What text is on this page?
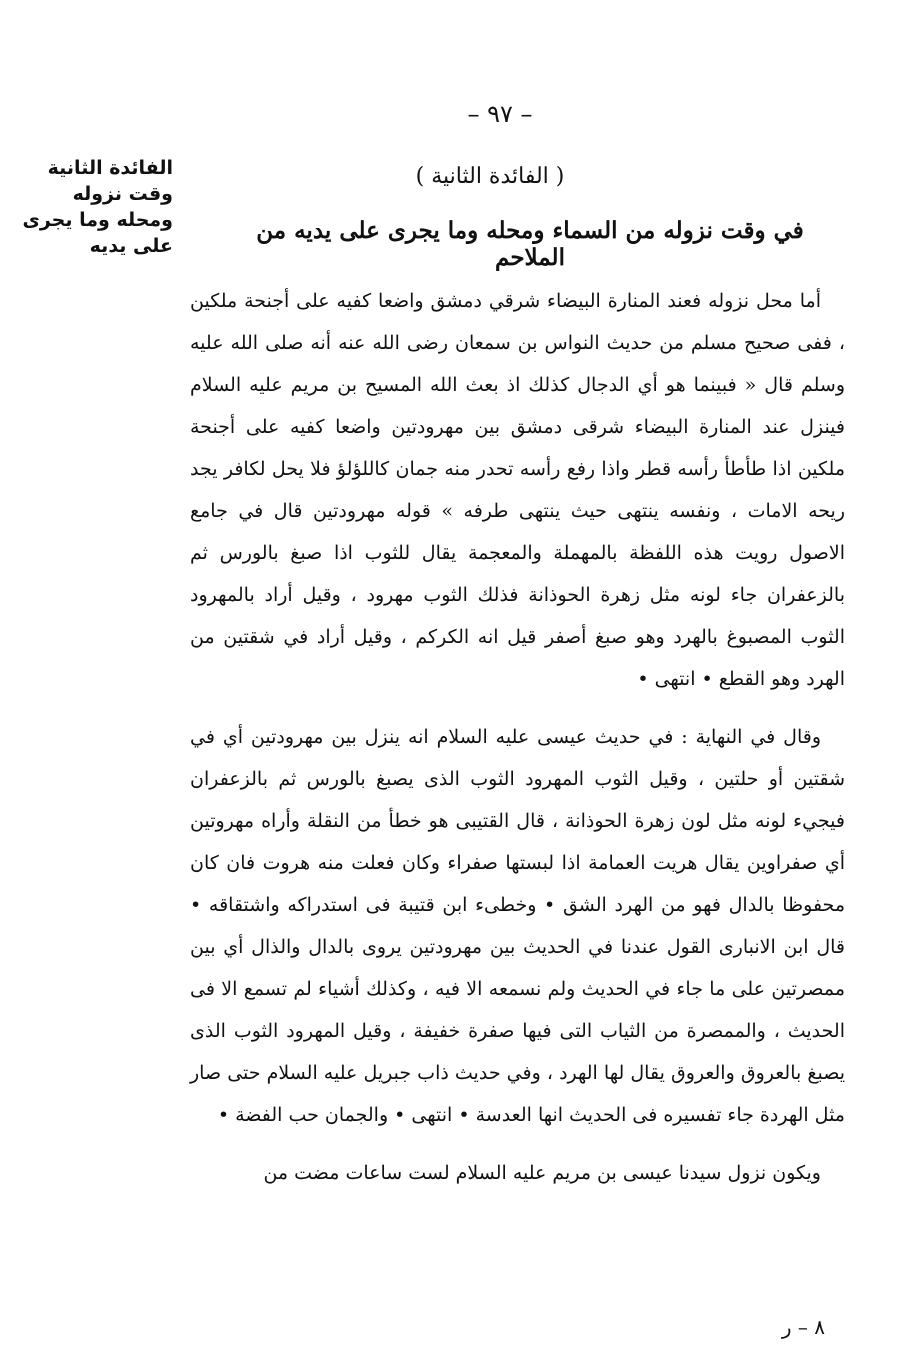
– ٩٧ –

الفائدة الثانية وقت نزوله ومحله وما يجرى على يديه

( الفائدة الثانية )
في وقت نزوله من السماء ومحله وما يجرى على يديه من الملاحم

أما محل نزوله فعند المنارة البيضاء شرقي دمشق واضعا كفيه على أجنحة ملكين ، ففى صحيح مسلم من حديث النواس بن سمعان رضى الله عنه أنه صلى الله عليه وسلم قال « فبينما هو أي الدجال كذلك اذ بعث الله المسيح بن مريم عليه السلام فينزل عند المنارة البيضاء شرقى دمشق بين مهرودتين واضعا كفيه على أجنحة ملكين اذا طأطأ رأسه قطر واذا رفع رأسه تحدر منه جمان كاللؤلؤ فلا يحل لكافر يجد ريحه الامات ، ونفسه ينتهى حيث ينتهى طرفه » قوله مهرودتين قال في جامع الاصول رويت هذه اللفظة بالمهملة والمعجمة يقال للثوب اذا صبغ بالورس ثم بالزعفران جاء لونه مثل زهرة الحوذانة فذلك الثوب مهرود ، وقيل أراد بالمهرود الثوب المصبوغ بالهرد وهو صبغ أصفر قيل انه الكركم ، وقيل أراد في شقتين من الهرد وهو القطع • انتهى •

وقال في النهاية : في حديث عيسى عليه السلام انه ينزل بين مهرودتين أي في شقتين أو حلتين ، وقيل الثوب المهرود الثوب الذى يصبغ بالورس ثم بالزعفران فيجيء لونه مثل لون زهرة الحوذانة ، قال القتيبى هو خطأ من النقلة وأراه مهروتين أي صفراوين يقال هريت العمامة اذا لبستها صفراء وكان فعلت منه هروت فان كان محفوظا بالدال فهو من الهرد الشق • وخطىء ابن قتيبة فى استدراكه واشتقاقه • قال ابن الانبارى القول عندنا في الحديث بين مهرودتين يروى بالدال والذال أي بين ممصرتين على ما جاء في الحديث ولم نسمعه الا فيه ، وكذلك أشياء لم تسمع الا فى الحديث ، والممصرة من الثياب التى فيها صفرة خفيفة ، وقيل المهرود الثوب الذى يصبغ بالعروق والعروق يقال لها الهرد ، وفي حديث ذاب جبريل عليه السلام حتى صار مثل الهردة جاء تفسيره فى الحديث انها العدسة • انتهى • والجمان حب الفضة •

ويكون نزول سيدنا عيسى بن مريم عليه السلام لست ساعات مضت من

٨ – ر
